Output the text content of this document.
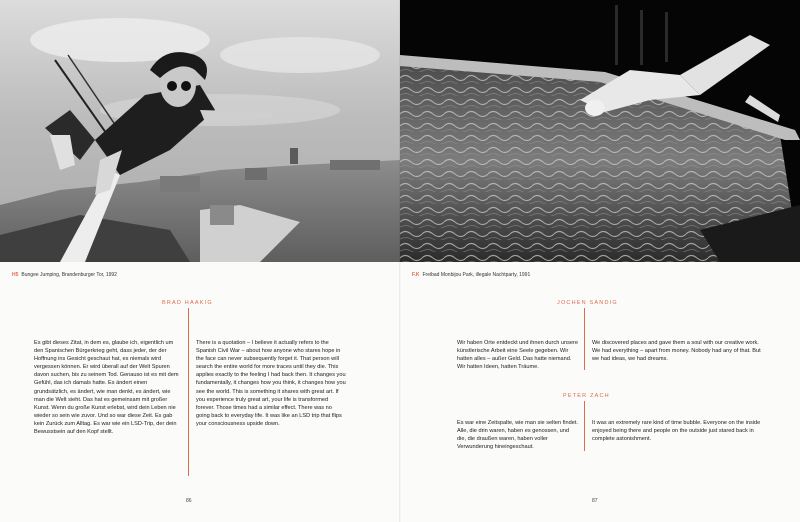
H5 Bungee Jumping, Brandenburger Tor, 1992	F.K Freibad Monbijou Park, illegale Nachtparty, 1991
BRAD HAAKIG
Es gibt dieses Zitat, in dem es, glaube ich, eigentlich um den Spanischen Bürgerkrieg geht, dass jeder, der der Hoffnung ins Gesicht geschaut hat, es niemals wird vergessen können. Er wird überall auf der Welt Spuren davon suchen, bis zu seinem Tod. Genauso ist es mit dem Gefühl, das ich damals hatte. Es ändert einen grundsätzlich, es ändert, wie man denkt, es ändert, wie man die Welt sieht. Das hat es gemeinsam mit großer Kunst. Wenn du große Kunst erlebst, wird dein Leben nie wieder so sein wie zuvor. Und so war diese Zeit. Es gab kein Zurück zum Alltag. Es war wie ein LSD-Trip, der dein Bewusstsein auf den Kopf stellt.
There is a quotation – I believe it actually refers to the Spanish Civil War – about how anyone who stares hope in the face can never subsequently forget it. That person will search the entire world for more traces until they die. This applies exactly to the feeling I had back then. It changes you fundamentally, it changes how you think, it changes how you see the world. This is something it shares with great art. If you experience truly great art, your life is transformed forever. Those times had a similar effect. There was no going back to everyday life. It was like an LSD trip that flips your consciousness upside down.
86
JOCHEN SANDIG
Wir haben Orte entdeckt und ihnen durch unsere künstlerische Arbeit eine Seele gegeben. Wir hatten alles – außer Geld. Das hatte niemand. Wir hatten Ideen, hatten Träume.
We discovered places and gave them a soul with our creative work. We had everything – apart from money. Nobody had any of that. But we had ideas, we had dreams.
PETER ZACH
Es war eine Zeitspalte, wie man sie selten findet. Alle, die drin waren, haben es genossen, und die, die draußen waren, haben voller Verwunderung hineingeschaut.
It was an extremely rare kind of time bubble. Everyone on the inside enjoyed being there and people on the outside just stared back in complete astonishment.
87
